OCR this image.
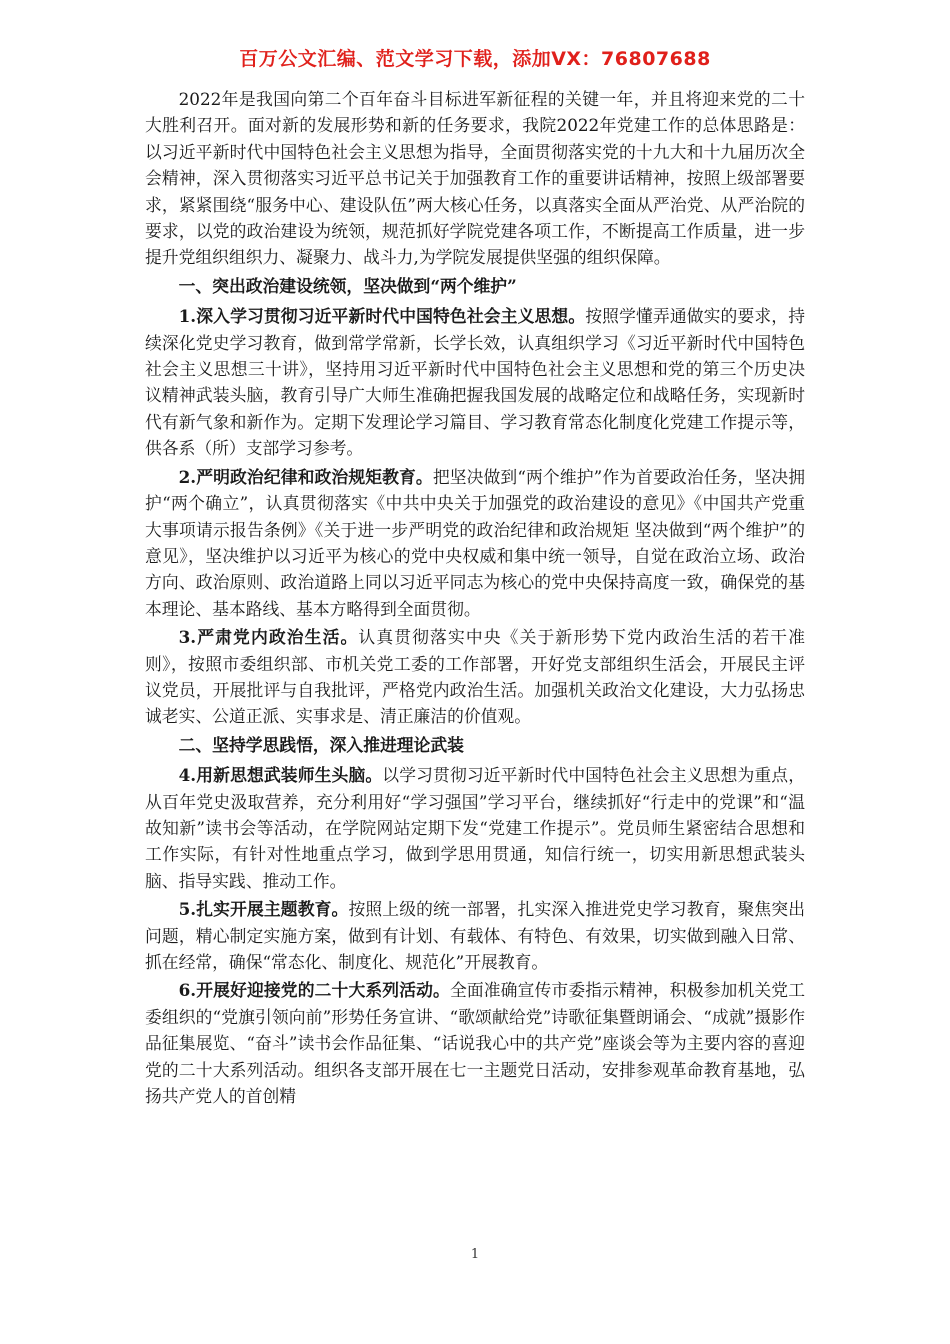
百万公文汇编、范文学习下载，添加VX：76807688

2022年是我国向第二个百年奋斗目标进军新征程的关键一年，并且将迎来党的二十大胜利召开。面对新的发展形势和新的任务要求，我院2022年党建工作的总体思路是：以习近平新时代中国特色社会主义思想为指导，全面贯彻落实党的十九大和十九届历次全会精神，深入贯彻落实习近平总书记关于加强教育工作的重要讲话精神，按照上级部署要求，紧紧围绕“服务中心、建设队伍”两大核心任务，以真落实全面从严治党、从严治院的要求，以党的政治建设为统领，规范抓好学院党建各项工作，不断提高工作质量，进一步提升党组织组织力、凝聚力、战斗力,为学院发展提供坚强的组织保障。

一、突出政治建设统领，坚决做到“两个维护”

1.深入学习贯彻习近平新时代中国特色社会主义思想。按照学懂弄通做实的要求，持续深化党史学习教育，做到常学常新，长学长效，认真组织学习《习近平新时代中国特色社会主义思想三十讲》，坚持用习近平新时代中国特色社会主义思想和党的第三个历史决议精神武装头脑，教育引导广大师生准确把握我国发展的战略定位和战略任务，实现新时代有新气象和新作为。定期下发理论学习篇目、学习教育常态化制度化党建工作提示等，供各系（所）支部学习参考。

2.严明政治纪律和政治规矩教育。把坚决做到“两个维护”作为首要政治任务，坚决拥护“两个确立”，认真贯彻落实《中共中央关于加强党的政治建设的意见》《中国共产党重大事项请示报告条例》《关于进一步严明党的政治纪律和政治规矩 坚决做到“两个维护”的意见》，坚决维护以习近平为核心的党中央权威和集中统一领导，自觉在政治立场、政治方向、政治原则、政治道路上同以习近平同志为核心的党中央保持高度一致，确保党的基本理论、基本路线、基本方略得到全面贯彻。

3.严肃党内政治生活。认真贯彻落实中央《关于新形势下党内政治生活的若干准则》，按照市委组织部、市机关党工委的工作部署，开好党支部组织生活会，开展民主评议党员，开展批评与自我批评，严格党内政治生活。加强机关政治文化建设，大力弘扬忠诚老实、公道正派、实事求是、清正廉洁的价值观。

二、坚持学思践悟，深入推进理论武装

4.用新思想武装师生头脑。以学习贯彻习近平新时代中国特色社会主义思想为重点，从百年党史汲取营养，充分利用好“学习强国”学习平台，继续抓好“行走中的党课”和“温故知新”读书会等活动，在学院网站定期下发“党建工作提示”。党员师生紧密结合思想和工作实际，有针对性地重点学习，做到学思用贯通，知信行统一，切实用新思想武装头脑、指导实践、推动工作。

5.扎实开展主题教育。按照上级的统一部署，扎实深入推进党史学习教育，聚焦突出问题，精心制定实施方案，做到有计划、有载体、有特色、有效果，切实做到融入日常、抓在经常，确保“常态化、制度化、规范化”开展教育。

6.开展好迎接党的二十大系列活动。全面准确宣传市委指示精神，积极参加机关党工委组织的“党旗引领向前”形势任务宣讲、“歌颂献给党”诗歌征集暨朗诵会、“成就”摄影作品征集展览、“奋斗”读书会作品征集、“话说我心中的共产党”座谈会等为主要内容的喜迎党的二十大系列活动。组织各支部开展在七一主题党日活动，安排参观革命教育基地，弘扬共产党人的首创精

1
